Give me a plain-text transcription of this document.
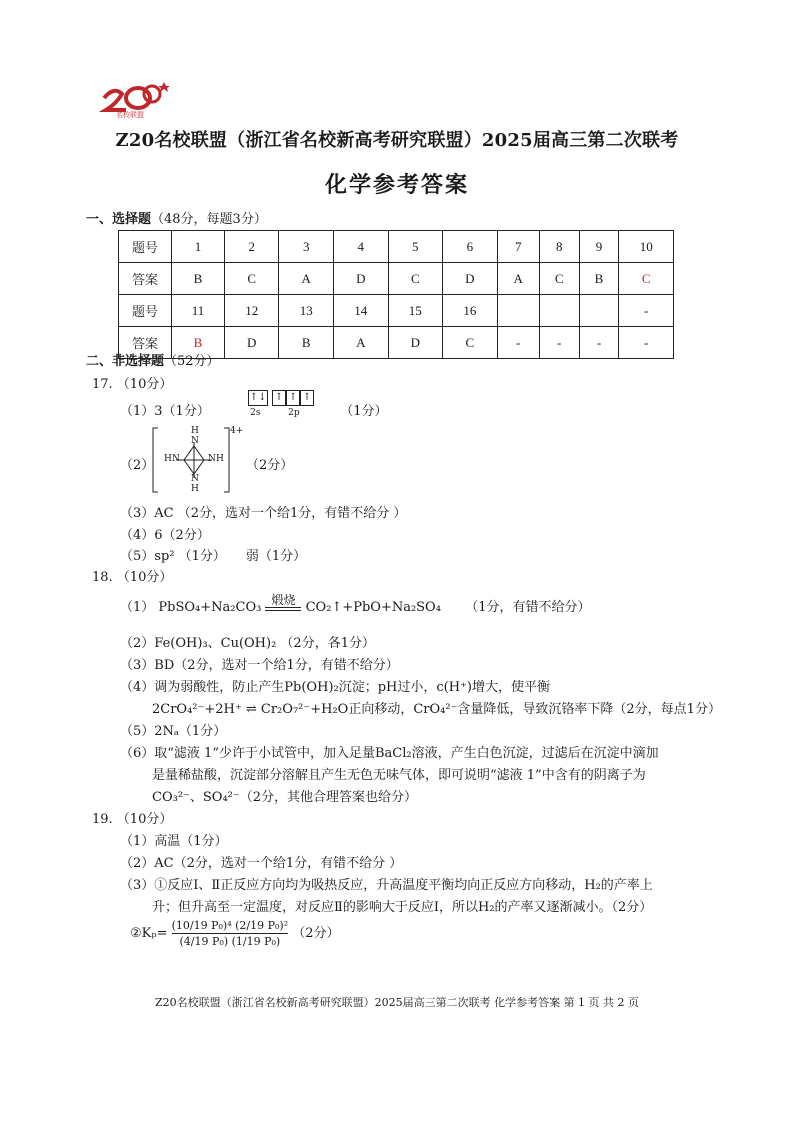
名校联盟
Z20名校联盟（浙江省名校新高考研究联盟）2025届高三第二次联考
化学参考答案
一、选择题（48分，每题3分）
题号	1	2	3	4	5	6	7	8	9	10
答案	B	C	A	D	C	D	A	C	B	C
题号	11	12	13	14	15	16				-
答案	B	D	B	A	D	C	-	-	-	-
二、非选择题（52分）
17. （10分）
（1）3（1分）
↑↓ ↑ ↑ ↑
2s	2p	（1分）
（2）
4+
H
N
H N	N H
N
H
（2分）
（3）AC （2分，选对一个给1分，有错不给分 ）
（4）6（2分）
（5）sp² （1分） 弱（1分）
18. （10分）
（1） PbSO₄+Na₂CO₃ 煅烧 CO₂↑+PbO+Na₂SO₄ （1分，有错不给分）
（2）Fe(OH)₃、Cu(OH)₂ （2分，各1分）
（3）BD（2分，选对一个给1分，有错不给分）
（4）调为弱酸性，防止产生Pb(OH)₂沉淀；pH过小，c(H⁺)增大，使平衡
2CrO₄²⁻+2H⁺ ⇌ Cr₂O₇²⁻+H₂O正向移动，CrO₄²⁻含量降低，导致沉铬率下降（2分，每点1分）
（5）2Nₐ（1分）
（6）取“滤液 1”少许于小试管中，加入足量BaCl₂溶液，产生白色沉淀，过滤后在沉淀中滴加
是量稀盐酸，沉淀部分溶解且产生无色无味气体，即可说明“滤液 1”中含有的阴离子为
CO₃²⁻、SO₄²⁻（2分，其他合理答案也给分）
19. （10分）
（1）高温（1分）
（2）AC（2分，选对一个给1分，有错不给分 ）
（3）①反应Ⅰ、Ⅱ正反应方向均为吸热反应，升高温度平衡均向正反应方向移动，H₂的产率上
升；但升高至一定温度，对反应Ⅱ的影响大于反应Ⅰ，所以H₂的产率又逐渐减小。（2分）
②Kₚ= $\frac{\text{(10/19 P₀)⁴ (2/19 P₀)²}}{\text{(4/19 P₀) (1/19 P₀)}} (2$分）
Z20名校联盟（浙江省名校新高考研究联盟）2025届高三第二次联考 化学参考答案 第 1 页 共 2 页
